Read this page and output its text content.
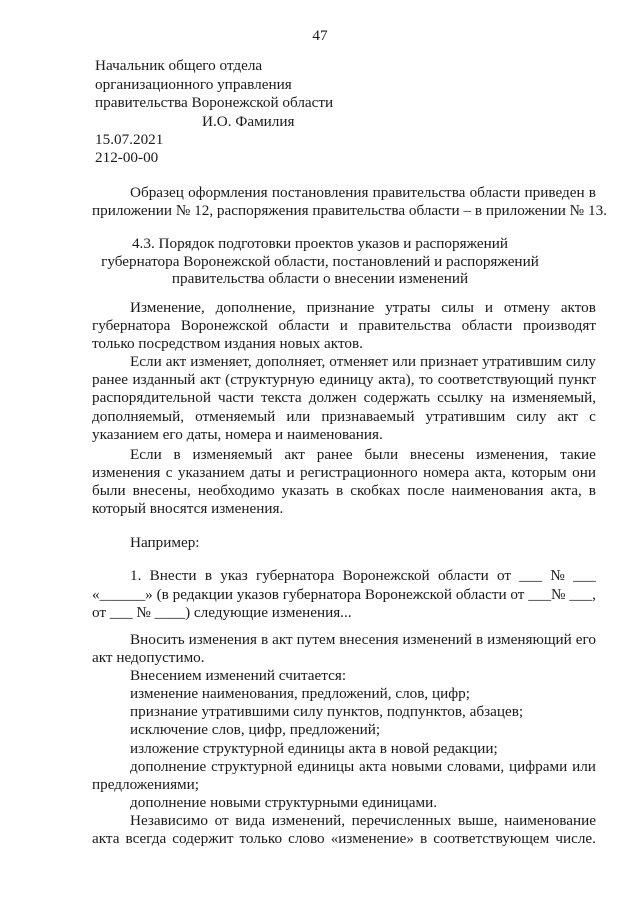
47
Начальник общего отдела
организационного управления
правительства Воронежской области
И.О. Фамилия
15.07.2021
212-00-00
Образец оформления постановления правительства области приведен в
приложении № 12, распоряжения правительства области – в приложении № 13.
4.3. Порядок подготовки проектов указов и распоряжений
губернатора Воронежской области, постановлений и распоряжений
правительства области о внесении изменений
Изменение, дополнение, признание утраты силы и отмену актов
губернатора Воронежской области и правительства области производят
только посредством издания новых актов.
Если акт изменяет, дополняет, отменяет или признает утратившим силу
ранее изданный акт (структурную единицу акта), то соответствующий пункт
распорядительной части текста должен содержать ссылку на изменяемый,
дополняемый, отменяемый или признаваемый утратившим силу акт с
указанием его даты, номера и наименования.
Если в изменяемый акт ранее были внесены изменения, такие
изменения с указанием даты и регистрационного номера акта, которым они
были внесены, необходимо указать в скобках после наименования акта, в
который вносятся изменения.
Например:
1. Внести в указ губернатора Воронежской области от ___ № ___
«______» (в редакции указов губернатора Воронежской области от ___№ ___,
от ___ № ____) следующие изменения...
Вносить изменения в акт путем внесения изменений в изменяющий его
акт недопустимо.
Внесением изменений считается:
изменение наименования, предложений, слов, цифр;
признание утратившими силу пунктов, подпунктов, абзацев;
исключение слов, цифр, предложений;
изложение структурной единицы акта в новой редакции;
дополнение структурной единицы акта новыми словами, цифрами или
предложениями;
дополнение новыми структурными единицами.
Независимо от вида изменений, перечисленных выше, наименование
акта всегда содержит только слово «изменение» в соответствующем числе.
